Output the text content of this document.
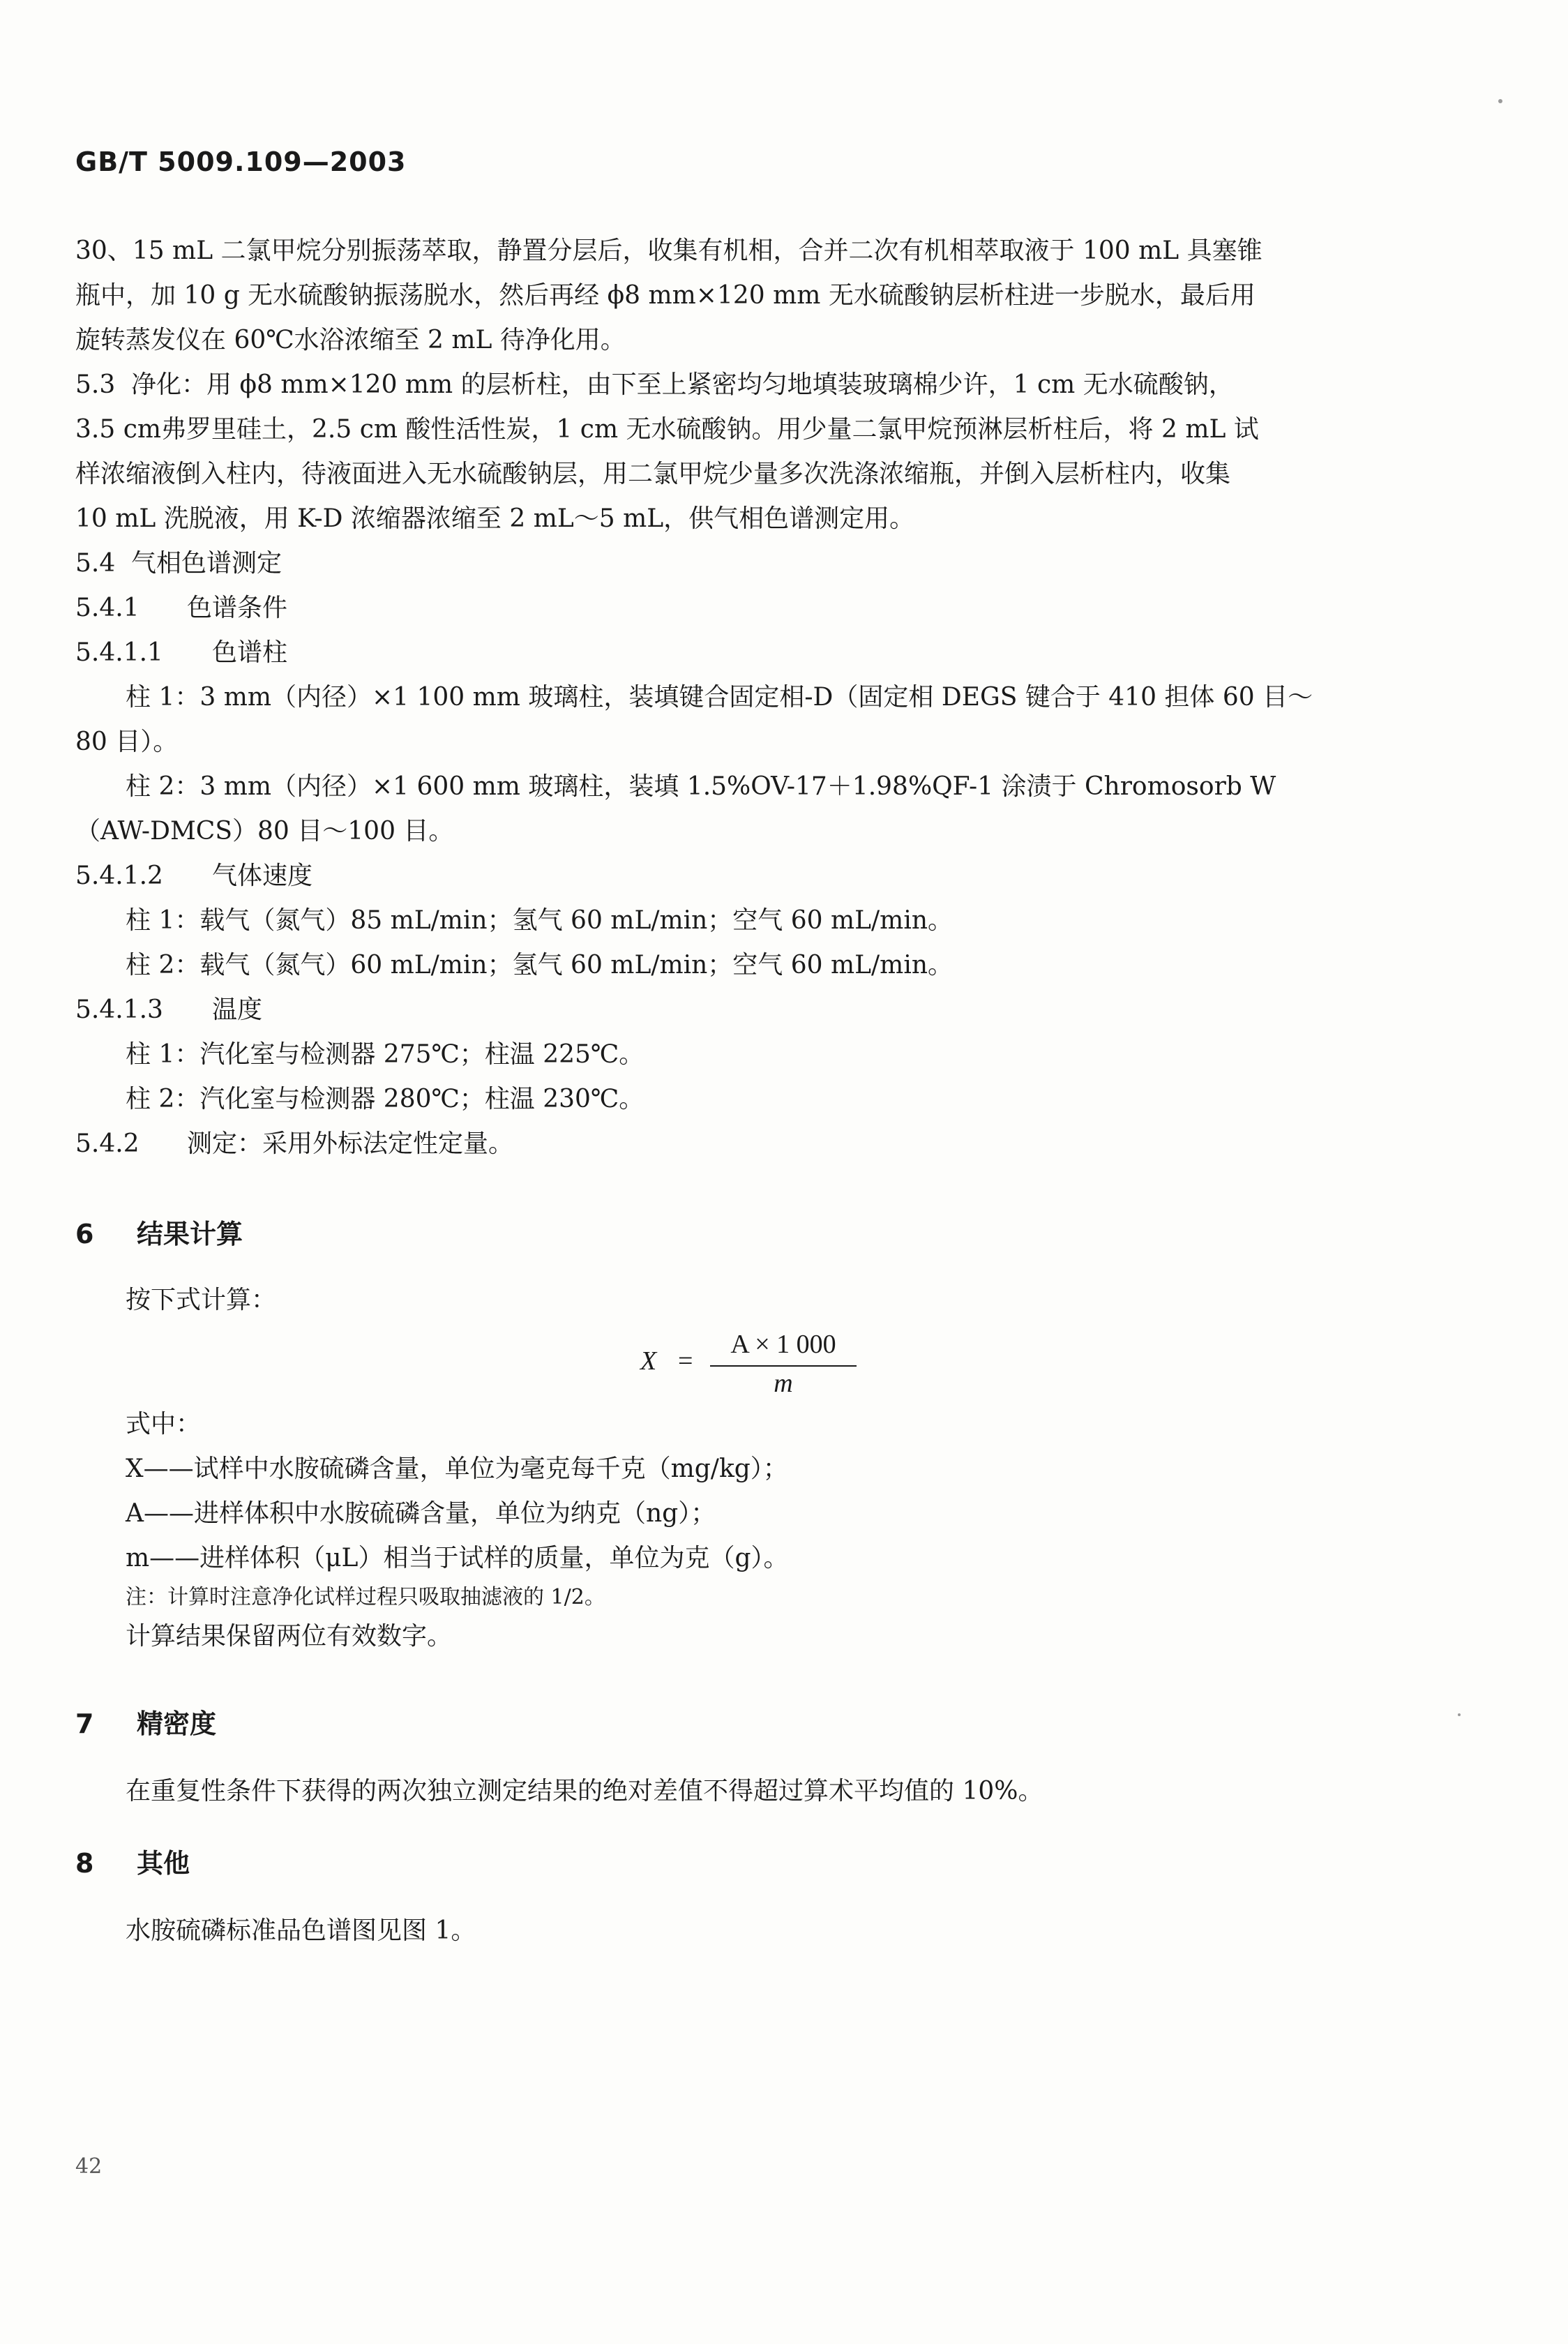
GB/T 5009.109—2003
30、15 mL 二氯甲烷分别振荡萃取，静置分层后，收集有机相，合并二次有机相萃取液于 100 mL 具塞锥
瓶中，加 10 g 无水硫酸钠振荡脱水，然后再经 ϕ8 mm×120 mm 无水硫酸钠层析柱进一步脱水，最后用
旋转蒸发仪在 60℃水浴浓缩至 2 mL 待净化用。
5.3 净化：用 ϕ8 mm×120 mm 的层析柱，由下至上紧密均匀地填装玻璃棉少许，1 cm 无水硫酸钠，
3.5 cm弗罗里硅土，2.5 cm 酸性活性炭，1 cm 无水硫酸钠。用少量二氯甲烷预淋层析柱后，将 2 mL 试
样浓缩液倒入柱内，待液面进入无水硫酸钠层，用二氯甲烷少量多次洗涤浓缩瓶，并倒入层析柱内，收集
10 mL 洗脱液，用 K-D 浓缩器浓缩至 2 mL～5 mL，供气相色谱测定用。
5.4 气相色谱测定
5.4.1 色谱条件
5.4.1.1 色谱柱
柱 1：3 mm（内径）×1 100 mm 玻璃柱，装填键合固定相-D（固定相 DEGS 键合于 410 担体 60 目～
80 目）。
柱 2：3 mm（内径）×1 600 mm 玻璃柱，装填 1.5%OV-17＋1.98%QF-1 涂渍于 Chromosorb W
（AW-DMCS）80 目～100 目。
5.4.1.2 气体速度
柱 1：载气（氮气）85 mL/min；氢气 60 mL/min；空气 60 mL/min。
柱 2：载气（氮气）60 mL/min；氢气 60 mL/min；空气 60 mL/min。
5.4.1.3 温度
柱 1：汽化室与检测器 275℃；柱温 225℃。
柱 2：汽化室与检测器 280℃；柱温 230℃。
5.4.2 测定：采用外标法定性定量。
6 结果计算
按下式计算：
X =
A × 1 000
m
式中：
X——试样中水胺硫磷含量，单位为毫克每千克（mg/kg）；
A——进样体积中水胺硫磷含量，单位为纳克（ng）；
m——进样体积（μL）相当于试样的质量，单位为克（g）。
注：计算时注意净化试样过程只吸取抽滤液的 1/2。
计算结果保留两位有效数字。
7 精密度
在重复性条件下获得的两次独立测定结果的绝对差值不得超过算术平均值的 10%。
8 其他
水胺硫磷标准品色谱图见图 1。
42
